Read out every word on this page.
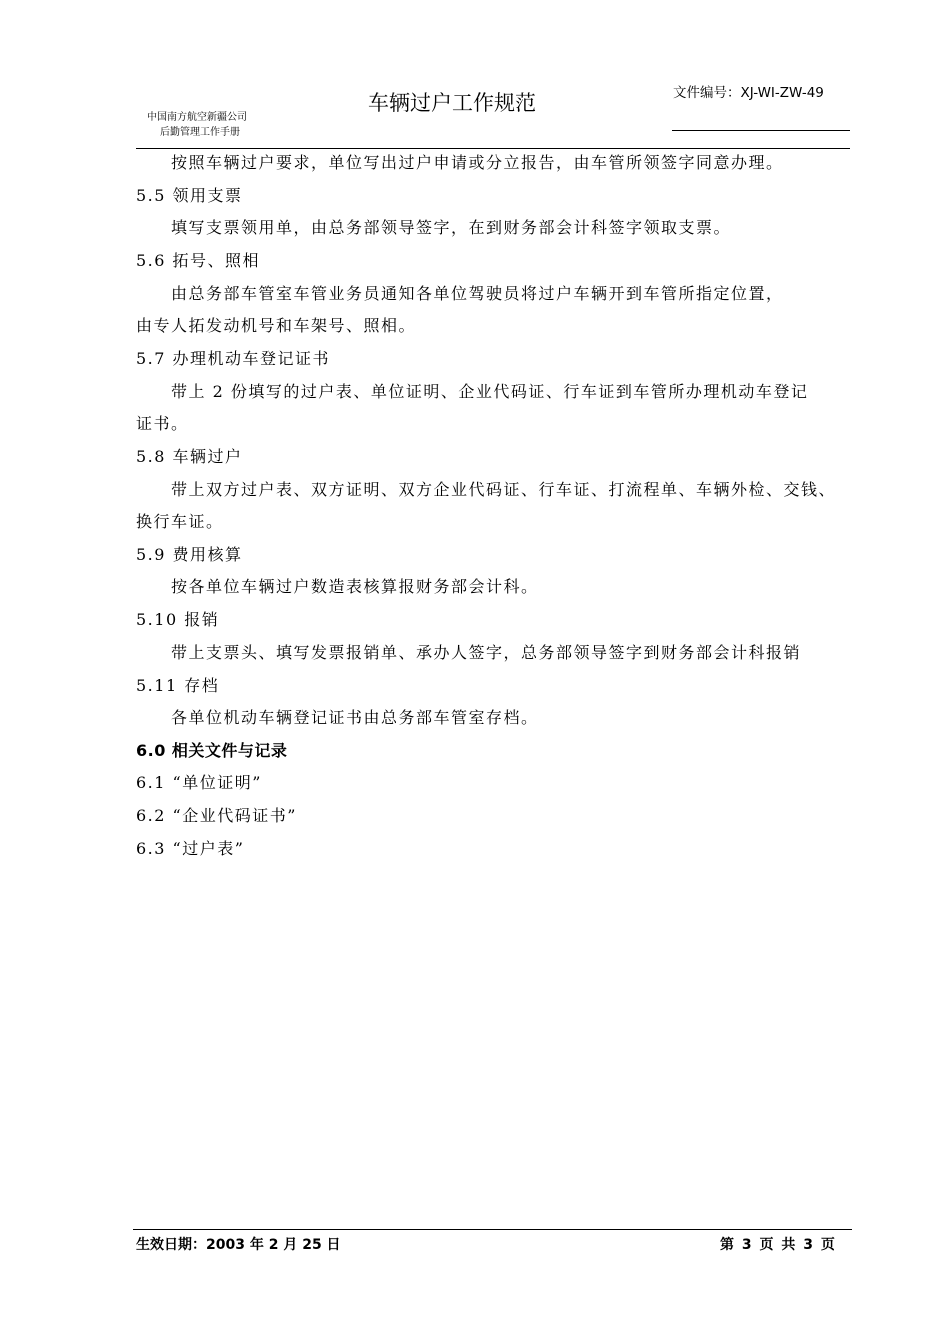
中国南方航空新疆公司
后勤管理工作手册
车辆过户工作规范	文件编号：XJ-WI-ZW-49
按照车辆过户要求，单位写出过户申请或分立报告，由车管所领签字同意办理。
5.5 领用支票
填写支票领用单，由总务部领导签字，在到财务部会计科签字领取支票。
5.6 拓号、照相
由总务部车管室车管业务员通知各单位驾驶员将过户车辆开到车管所指定位置，
由专人拓发动机号和车架号、照相。
5.7 办理机动车登记证书
带上 2 份填写的过户表、单位证明、企业代码证、行车证到车管所办理机动车登记
证书。
5.8 车辆过户
带上双方过户表、双方证明、双方企业代码证、行车证、打流程单、车辆外检、交钱、
换行车证。
5.9 费用核算
按各单位车辆过户数造表核算报财务部会计科。
5.10 报销
带上支票头、填写发票报销单、承办人签字，总务部领导签字到财务部会计科报销
5.11 存档
各单位机动车辆登记证书由总务部车管室存档。
6.0 相关文件与记录
6.1 “单位证明”
6.2 “企业代码证书”
6.3 “过户表”
生效日期：2003 年 2 月 25 日	第 3 页 共 3 页
